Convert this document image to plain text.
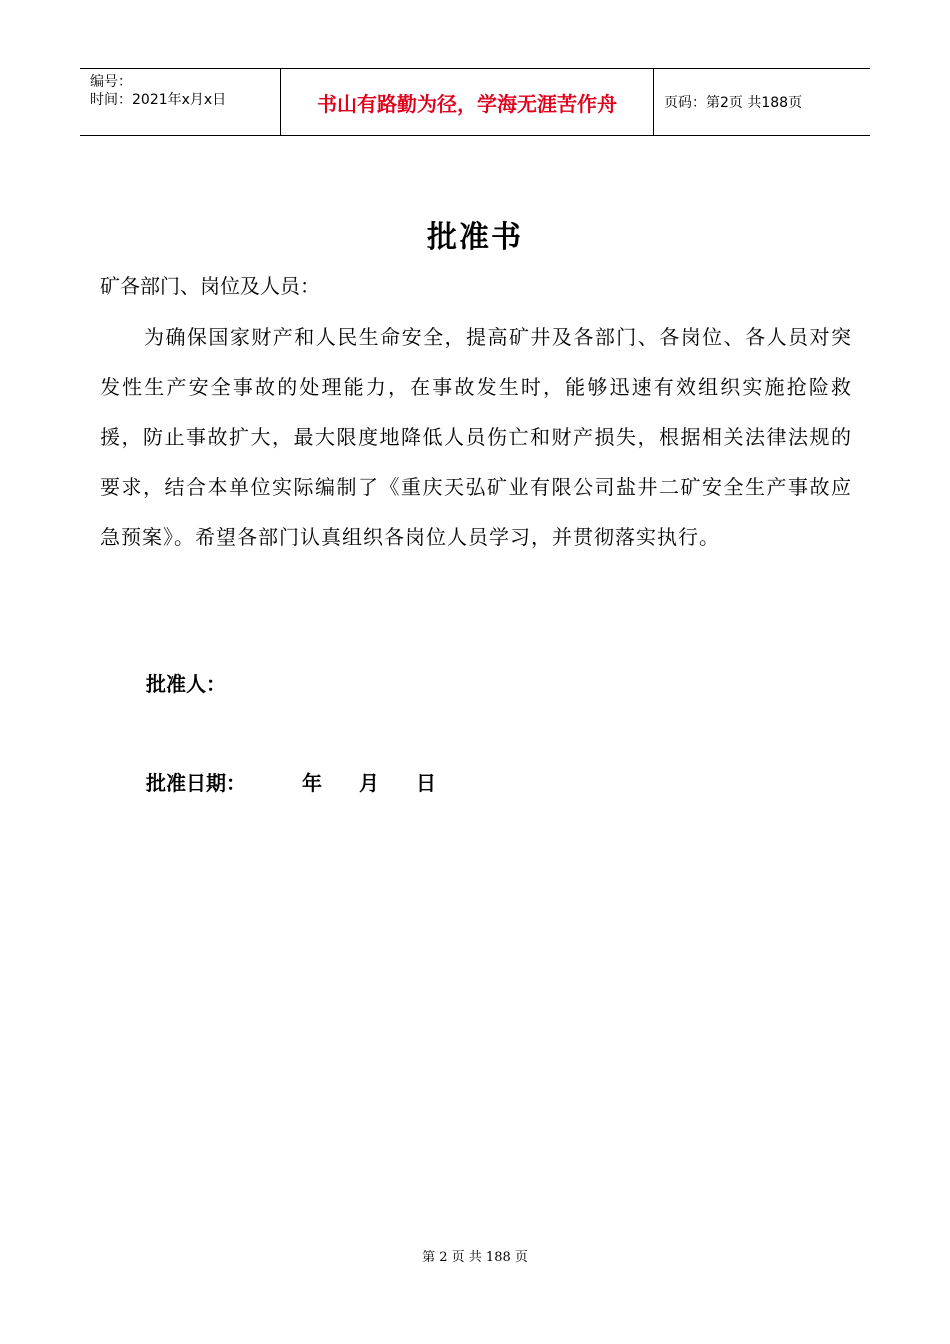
编号：
时间：2021年x月x日	书山有路勤为径，学海无涯苦作舟	页码：第2页 共188页
批准书
矿各部门、岗位及人员：
为确保国家财产和人民生命安全，提高矿井及各部门、各岗位、各人员对突发性生产安全事故的处理能力，在事故发生时，能够迅速有效组织实施抢险救援，防止事故扩大，最大限度地降低人员伤亡和财产损失，根据相关法律法规的要求，结合本单位实际编制了《重庆天弘矿业有限公司盐井二矿安全生产事故应急预案》。希望各部门认真组织各岗位人员学习，并贯彻落实执行。
批准人：
批准日期：	年	月	日
第 2 页 共 188 页
